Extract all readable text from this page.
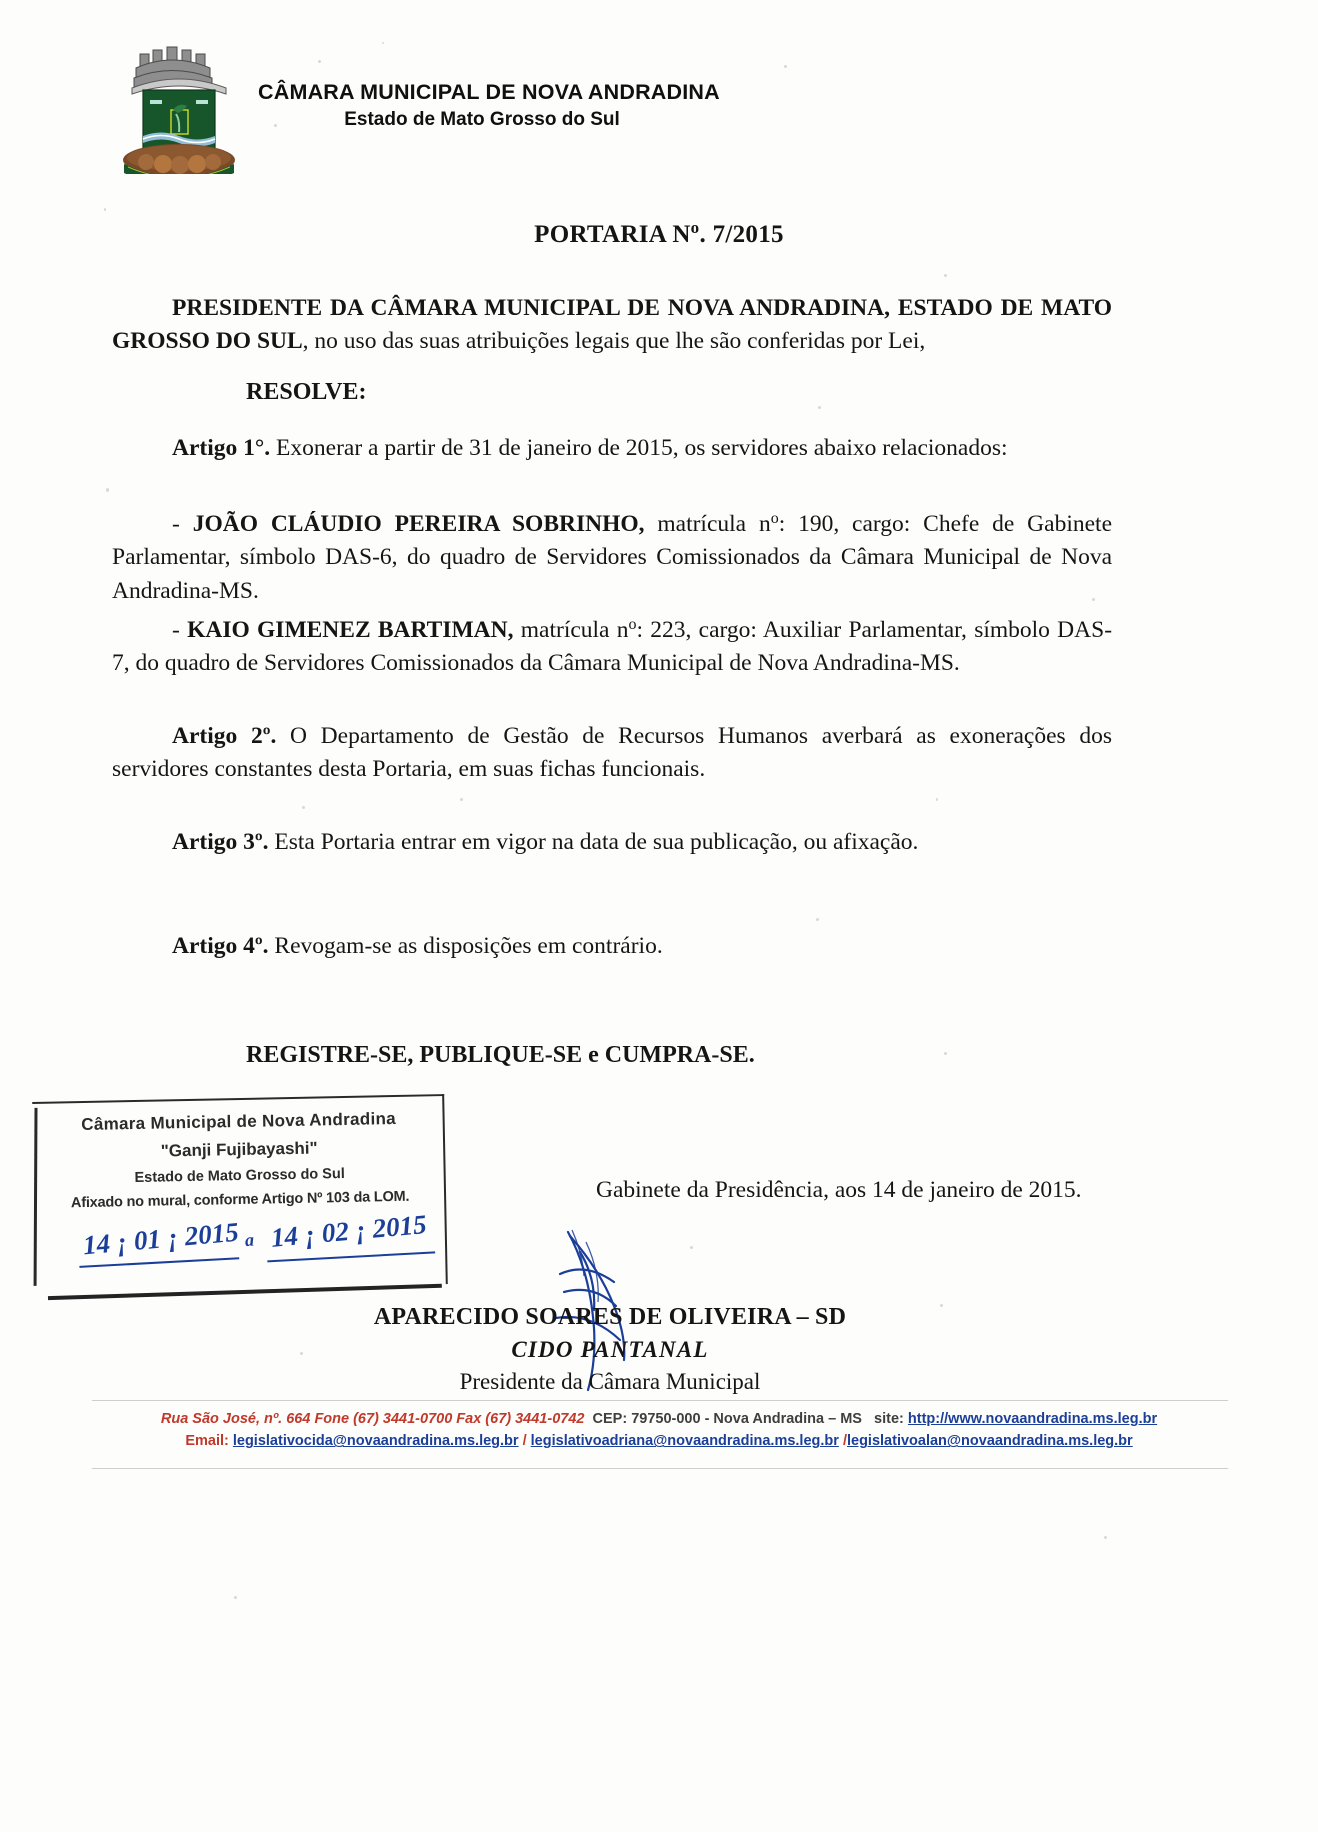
CÂMARA MUNICIPAL DE NOVA ANDRADINA
Estado de Mato Grosso do Sul
PORTARIA $N^o$. 7/2015
PRESIDENTE DA CÂMARA MUNICIPAL DE NOVA ANDRADINA, ESTADO DE MATO GROSSO DO SUL, no uso das suas atribuições legais que lhe são conferidas por Lei,
RESOLVE:
Artigo 1°. Exonerar a partir de 31 de janeiro de 2015, os servidores abaixo relacionados:
- JOÃO CLÁUDIO PEREIRA SOBRINHO, matrícula $n^o$: 190, cargo: Chefe de Gabinete Parlamentar, símbolo DAS-6, do quadro de Servidores Comissionados da Câmara Municipal de Nova Andradina-MS.
- KAIO GIMENEZ BARTIMAN, matrícula $n^o$: 223, cargo: Auxiliar Parlamentar, símbolo DAS-7, do quadro de Servidores Comissionados da Câmara Municipal de Nova Andradina-MS.
Artigo 2º. O Departamento de Gestão de Recursos Humanos averbará as exonerações dos servidores constantes desta Portaria, em suas fichas funcionais.
Artigo 3º. Esta Portaria entrar em vigor na data de sua publicação, ou afixação.
Artigo 4º. Revogam-se as disposições em contrário.
REGISTRE-SE, PUBLIQUE-SE e CUMPRA-SE.
Gabinete da Presidência, aos 14 de janeiro de 2015.
Câmara Municipal de Nova Andradina
"Ganji Fujibayashi"
Estado de Mato Grosso do Sul
Afixado no mural, conforme Artigo Nº 103 da LOM.
14 ¡ 01 ¡ 2015 a 14 ¡ 02 ¡ 2015
APARECIDO SOARES DE OLIVEIRA – SD
CIDO PANTANAL
Presidente da Câmara Municipal
Rua São José, nº. 664 Fone (67) 3441-0700 Fax (67) 3441-0742 CEP: 79750-000 - Nova Andradina – MS site: http://www.novaandradina.ms.leg.br
Email: legislativocida@novaandradina.ms.leg.br / legislativoadriana@novaandradina.ms.leg.br /legislativoalan@novaandradina.ms.leg.br
